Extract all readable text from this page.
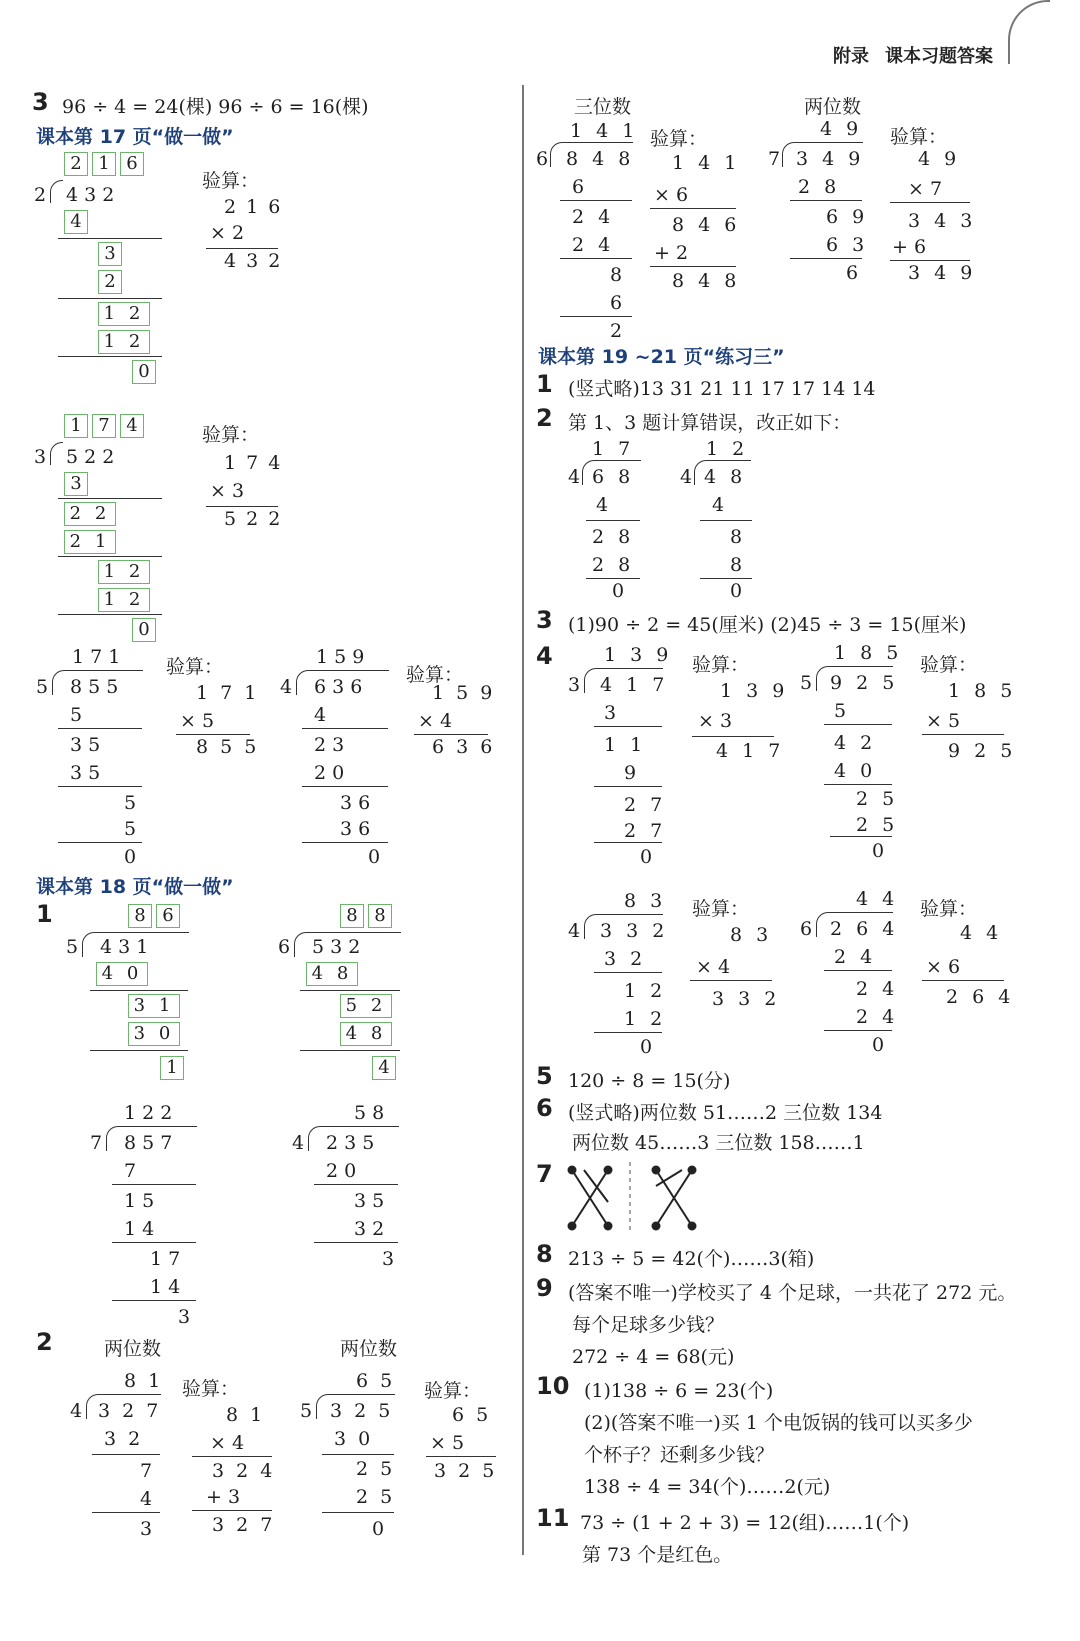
附录 课本习题答案
3 96 ÷ 4 = 24(棵) 96 ÷ 6 = 16(棵)
课本第 17 页“做一做”
2 1 6
2 4 3 2
4
3
2
1 2
1 2
0
验算：
2 1 6
× 2
4 3 2
1 7 4
3 5 2 2
3
2 2
2 1
1 2
1 2
0
验算：
1 7 4
× 3
5 2 2
1 7 1
5 8 5 5
5
3 5
3 5
5
5
0
验算：
1 7 1
× 5
8 5 5
1 5 9
4 6 3 6
4
2 3
2 0
3 6
3 6
0
验算：
1 5 9
× 4
6 3 6
课本第 18 页“做一做”
1	8 6
5 4 3 1
4 0
3 1
3 0
1
8 8
6 5 3 2
4 8
5 2
4 8
4
1 2 2
7 8 5 7
7
1 5
1 4
1 7
1 4
3
5 8
4 2 3 5
2 0
3 5
3 2
3
2	两位数	两位数
8 1
4 3 2 7
3 2
7
4
3
验算：
8 1
× 4
3 2 4
+ 3
3 2 7
6 5
5 3 2 5
3 0
2 5
2 5
0
验算：
6 5
× 5
3 2 5
三位数	两位数
1 4 1
6 8 4 8
6
2 4
2 4
8
6
2
验算：
1 4 1
× 6
8 4 6
+ 2
8 4 8
4 9
7 3 4 9
2 8
6 9
6 3
6
验算：
4 9
× 7
3 4 3
+ 6
3 4 9
课本第 19 ~21 页“练习三”
1 (竖式略)13 31 21 11 17 17 14 14
2 第 1、3 题计算错误，改正如下：
1 7
4 6 8
4
2 8
2 8
0
1 2
4 4 8
4
8
8
0
3 (1)90 ÷ 2 = 45(厘米) (2)45 ÷ 3 = 15(厘米)
4	1 3 9
3 4 1 7
3
1 1
9
2 7
2 7
0
验算：
1 3 9
× 3
4 1 7
1 8 5
5 9 2 5
5
4 2
4 0
2 5
2 5
0
验算：
1 8 5
× 5
9 2 5
8 3
4 3 3 2
3 2
1 2
1 2
0
验算：
8 3
× 4
3 3 2
4 4
6 2 6 4
2 4
2 4
2 4
0
验算：
4 4
× 6
2 6 4
5 120 ÷ 8 = 15(分)
6 (竖式略)两位数 51……2 三位数 134
两位数 45……3 三位数 158……1
7
8 213 ÷ 5 = 42(个)……3(箱)
9 (答案不唯一)学校买了 4 个足球，一共花了 272 元。
每个足球多少钱？
272 ÷ 4 = 68(元)
10 (1)138 ÷ 6 = 23(个)
(2)(答案不唯一)买 1 个电饭锅的钱可以买多少
个杯子？还剩多少钱？
138 ÷ 4 = 34(个)……2(元)
11 73 ÷ (1 + 2 + 3) = 12(组)……1(个)
第 73 个是红色。
